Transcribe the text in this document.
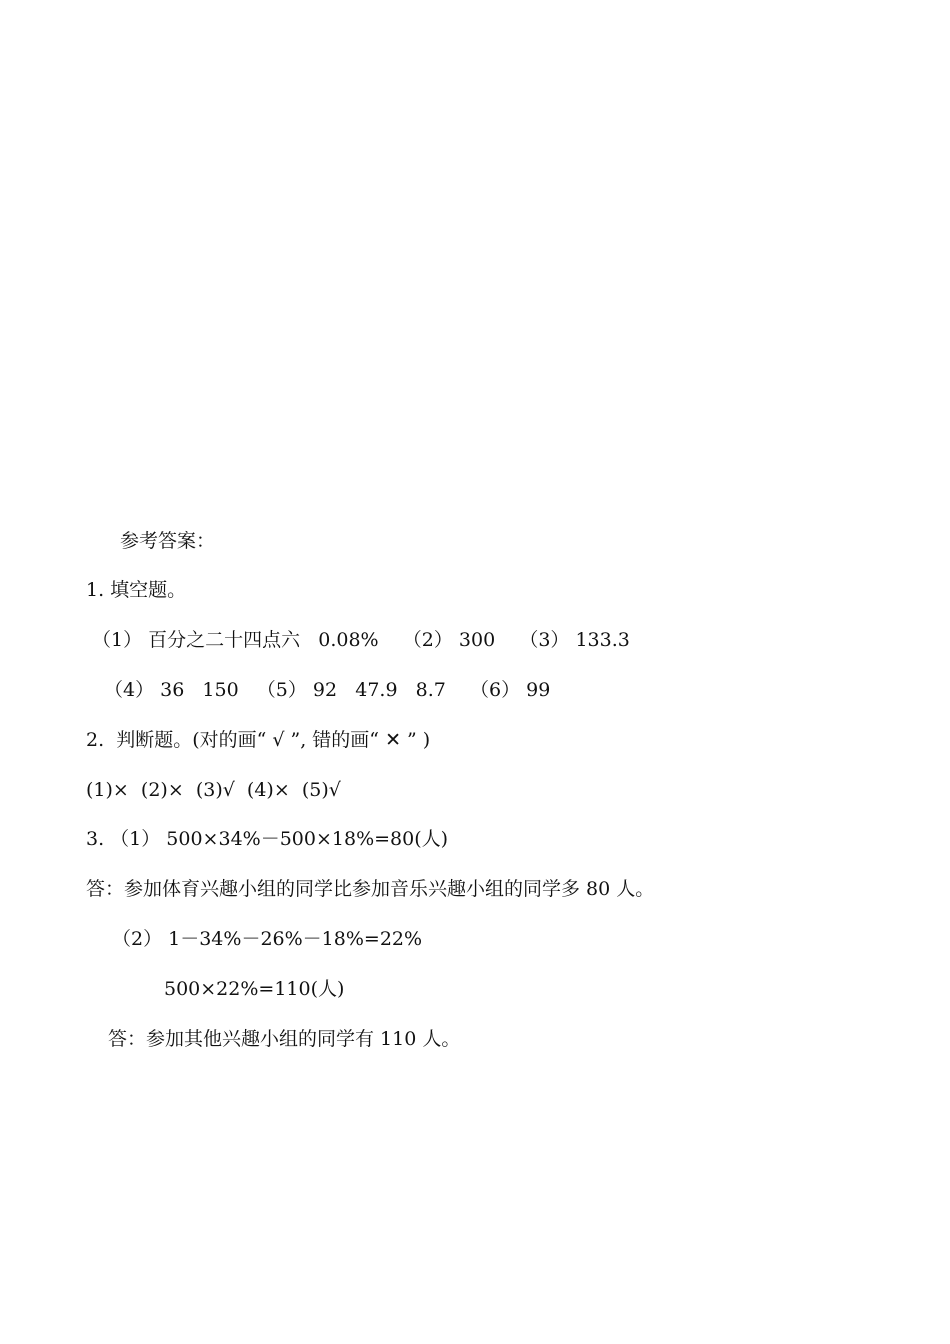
参考答案：
1. 填空题。
（1） 百分之二十四点六   0.08%    （2） 300    （3） 133.3
（4） 36   150   （5） 92   47.9   8.7    （6） 99
2.  判断题。(对的画“ √ ”, 错的画“ ✕ ” )
(1)×  (2)×  (3)√  (4)×  (5)√
3. （1） 500×34%－500×18%=80(人)
答：参加体育兴趣小组的同学比参加音乐兴趣小组的同学多 80 人。
（2） 1－34%－26%－18%=22%
500×22%=110(人)
答：参加其他兴趣小组的同学有 110 人。
